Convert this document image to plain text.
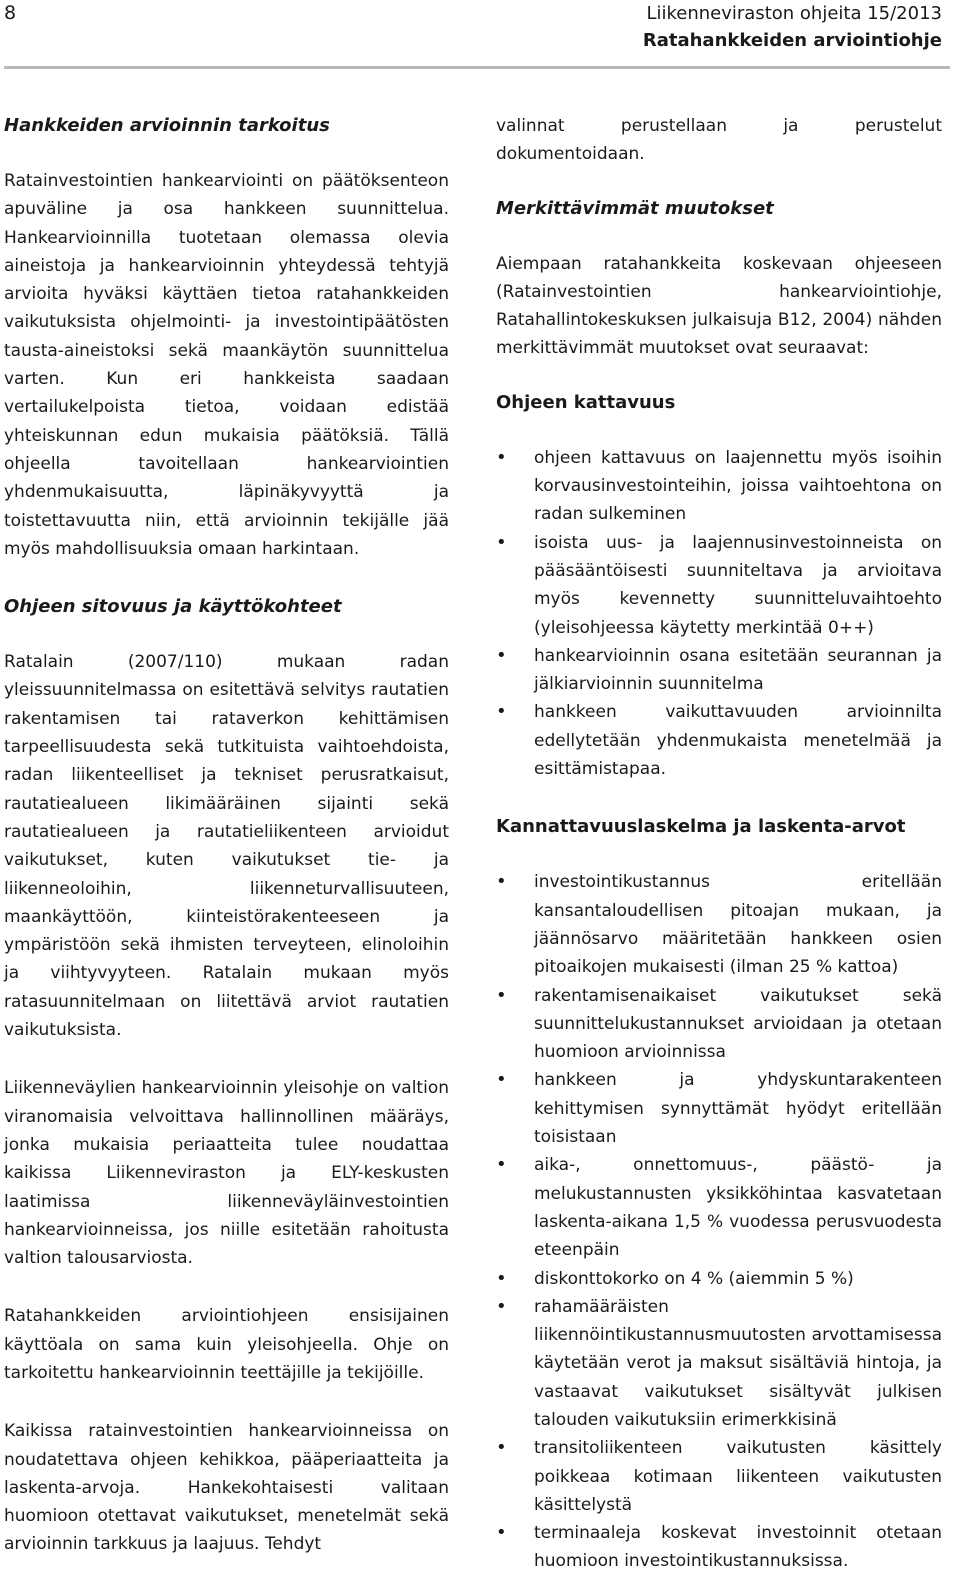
8	Liikenneviraston ohjeita 15/2013
Ratahankkeiden arviointiohje
Hankkeiden arvioinnin tarkoitus

Ratainvestointien hankearviointi on päätöksenteon apuväline ja osa hankkeen suunnittelua. Hankearvioinnilla tuotetaan olemassa olevia aineistoja ja hankearvioinnin yhteydessä tehtyjä arvioita hyväksi käyttäen tietoa ratahankkeiden vaikutuksista ohjelmointi- ja investointipäätösten tausta-aineistoksi sekä maankäytön suunnittelua varten. Kun eri hankkeista saadaan vertailukelpoista tietoa, voidaan edistää yhteiskunnan edun mukaisia päätöksiä. Tällä ohjeella tavoitellaan hankearviointien yhdenmukaisuutta, läpinäkyvyyttä ja toistettavuutta niin, että arvioinnin tekijälle jää myös mahdollisuuksia omaan harkintaan.

Ohjeen sitovuus ja käyttökohteet

Ratalain (2007/110) mukaan radan yleissuunnitelmassa on esitettävä selvitys rautatien rakentamisen tai rataverkon kehittämisen tarpeellisuudesta sekä tutkituista vaihtoehdoista, radan liikenteelliset ja tekniset perusratkaisut, rautatiealueen likimääräinen sijainti sekä rautatiealueen ja rautatieliikenteen arvioidut vaikutukset, kuten vaikutukset tie- ja liikenneoloihin, liikenneturvallisuuteen, maankäyttöön, kiinteistörakenteeseen ja ympäristöön sekä ihmisten terveyteen, elinoloihin ja viihtyvyyteen. Ratalain mukaan myös ratasuunnitelmaan on liitettävä arviot rautatien vaikutuksista.

Liikenneväylien hankearvioinnin yleisohje on valtion viranomaisia velvoittava hallinnollinen määräys, jonka mukaisia periaatteita tulee noudattaa kaikissa Liikenneviraston ja ELY-keskusten laatimissa liikenneväyläinvestointien hankearvioinneissa, jos niille esitetään rahoitusta valtion talousarviosta.

Ratahankkeiden arviointiohjeen ensisijainen käyttöala on sama kuin yleisohjeella. Ohje on tarkoitettu hankearvioinnin teettäjille ja tekijöille.

Kaikissa ratainvestointien hankearvioinneissa on noudatettava ohjeen kehikkoa, pääperiaatteita ja laskenta-arvoja. Hankekohtaisesti valitaan huomioon otettavat vaikutukset, menetelmät sekä arvioinnin tarkkuus ja laajuus. Tehdyt

valinnat perustellaan ja perustelut dokumentoidaan.

Merkittävimmät muutokset

Aiempaan ratahankkeita koskevaan ohjeeseen (Ratainvestointien hankearviointiohje, Ratahallintokeskuksen julkaisuja B12, 2004) nähden merkittävimmät muutokset ovat seuraavat:

Ohjeen kattavuus
• ohjeen kattavuus on laajennettu myös isoihin korvausinvestointeihin, joissa vaihtoehtona on radan sulkeminen
• isoista uus- ja laajennusinvestoinneista on pääsääntöisesti suunniteltava ja arvioitava myös kevennetty suunnitteluvaihtoehto (yleisohjeessa käytetty merkintää 0++)
• hankearvioinnin osana esitetään seurannan ja jälkiarvioinnin suunnitelma
• hankkeen vaikuttavuuden arvioinnilta edellytetään yhdenmukaista menetelmää ja esittämistapaa.
Kannattavuuslaskelma ja laskenta-arvot
• investointikustannus eritellään kansantaloudellisen pitoajan mukaan, ja jäännösarvo määritetään hankkeen osien pitoaikojen mukaisesti (ilman 25 % kattoa)
• rakentamisenaikaiset vaikutukset sekä suunnittelukustannukset arvioidaan ja otetaan huomioon arvioinnissa
• hankkeen ja yhdyskuntarakenteen kehittymisen synnyttämät hyödyt eritellään toisistaan
• aika-, onnettomuus-, päästö- ja melukustannusten yksikköhintaa kasvatetaan laskenta-aikana 1,5 % vuodessa perusvuodesta eteenpäin
• diskonttokorko on 4 % (aiemmin 5 %)
• rahamääräisten liikennöintikustannusmuutosten arvottamisessa käytetään verot ja maksut sisältäviä hintoja, ja vastaavat vaikutukset sisältyvät julkisen talouden vaikutuksiin erimerkkisinä
• transitoliikenteen vaikutusten käsittely poikkeaa kotimaan liikenteen vaikutusten käsittelystä
• terminaaleja koskevat investoinnit otetaan huomioon investointikustannuksissa.
